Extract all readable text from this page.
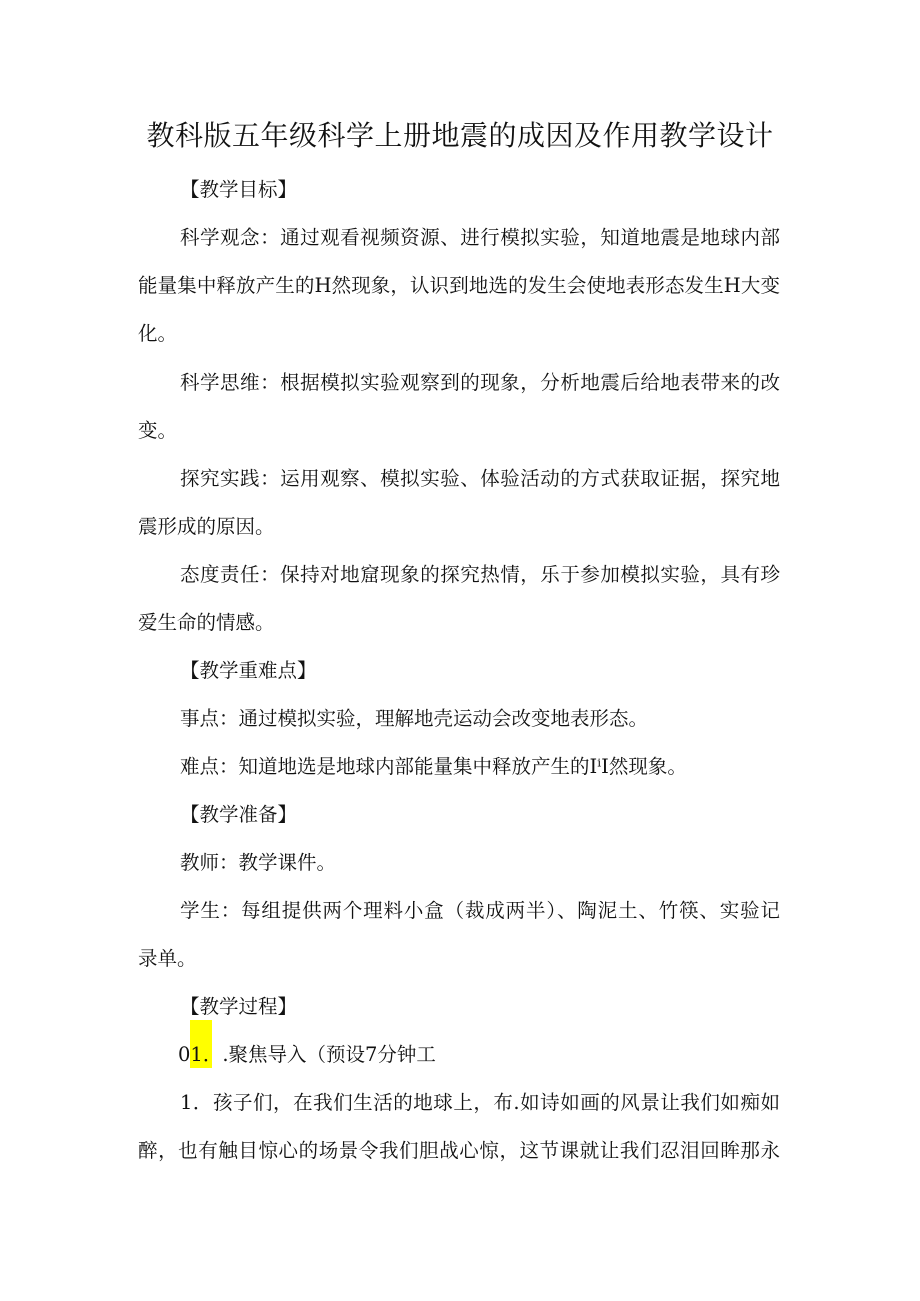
教科版五年级科学上册地震的成因及作用教学设计
【教学目标】
科学观念：通过观看视频资源、进行模拟实验，知道地震是地球内部
能量集中释放产生的H然现象，认识到地选的发生会使地表形态发生H大变
化。
科学思维：根据模拟实验观察到的现象，分析地震后给地表带来的改
变。
探究实践：运用观察、模拟实验、体验活动的方式获取证据，探究地
震形成的原因。
态度责任：保持对地窟现象的探究热情，乐于参加模拟实验，具有珍
爱生命的情感。
【教学重难点】
事点：通过模拟实验，理解地壳运动会改变地表形态。
难点：知道地选是地球内部能量集中释放产生的IⁱI然现象。
【教学准备】
教师：教学课件。
学生：每组提供两个理料小盒（裁成两半）、陶泥土、竹筷、实验记
录单。
【教学过程】
01．.聚焦导入（预设7分钟工
1．孩子们，在我们生活的地球上，布.如诗如画的风景让我们如痴如
醉，也有触目惊心的场景令我们胆战心惊，这节课就让我们忍泪回眸那永
